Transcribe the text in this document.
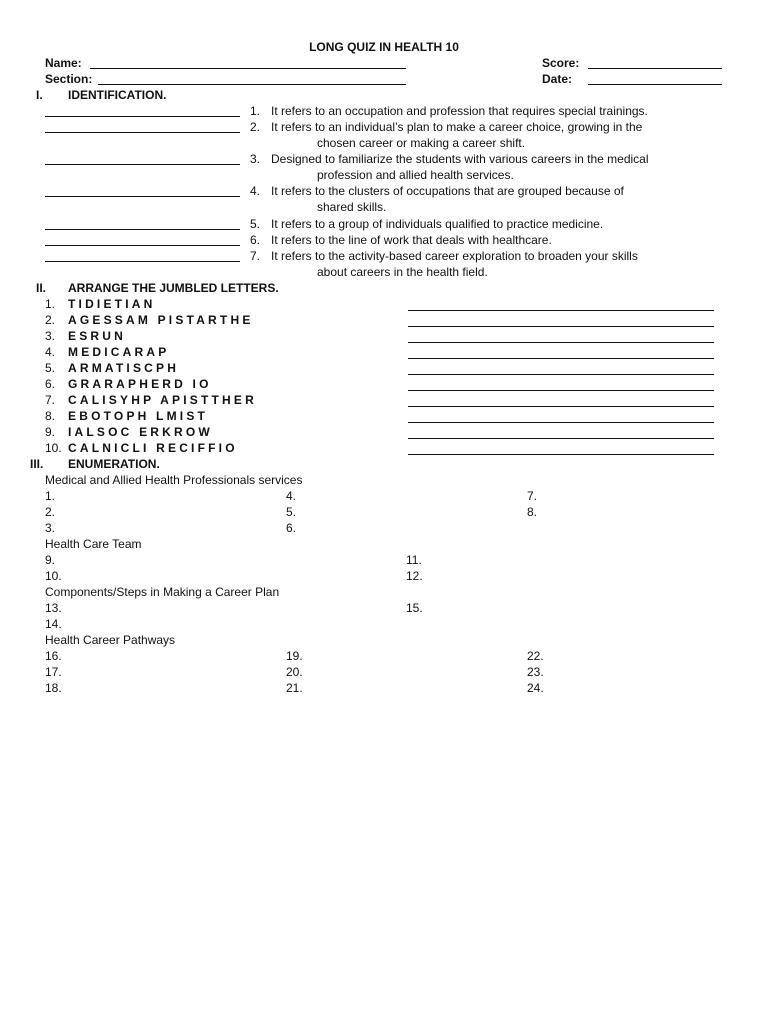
LONG QUIZ IN HEALTH 10
Name:	Score:
Section:	Date:
I. IDENTIFICATION.
1. It refers to an occupation and profession that requires special trainings.
2. It refers to an individual’s plan to make a career choice, growing in the
chosen career or making a career shift.
3. Designed to familiarize the students with various careers in the medical
profession and allied health services.
4. It refers to the clusters of occupations that are grouped because of
shared skills.
5. It refers to a group of individuals qualified to practice medicine.
6. It refers to the line of work that deals with healthcare.
7. It refers to the activity-based career exploration to broaden your skills
about careers in the health field.
II. ARRANGE THE JUMBLED LETTERS.
1. TIDIETIAN
2. AGESSAM PISTARTHE
3. ESRUN
4. MEDICARAP
5. ARMATISCPH
6. GRARAPHERD IO
7. CALISYHP APISTTHER
8. EBOTOPH LMIST
9. IALSOC ERKROW
10. CALNICLI RECIFFIO
III. ENUMERATION.
Medical and Allied Health Professionals services
1.
2.
3.
4.
5.
6.
7.
8.
Health Care Team
9.
10.
11.
12.
Components/Steps in Making a Career Plan
13.
14.
15.
Health Career Pathways
16.
17.
18.
19.
20.
21.
22.
23.
24.
